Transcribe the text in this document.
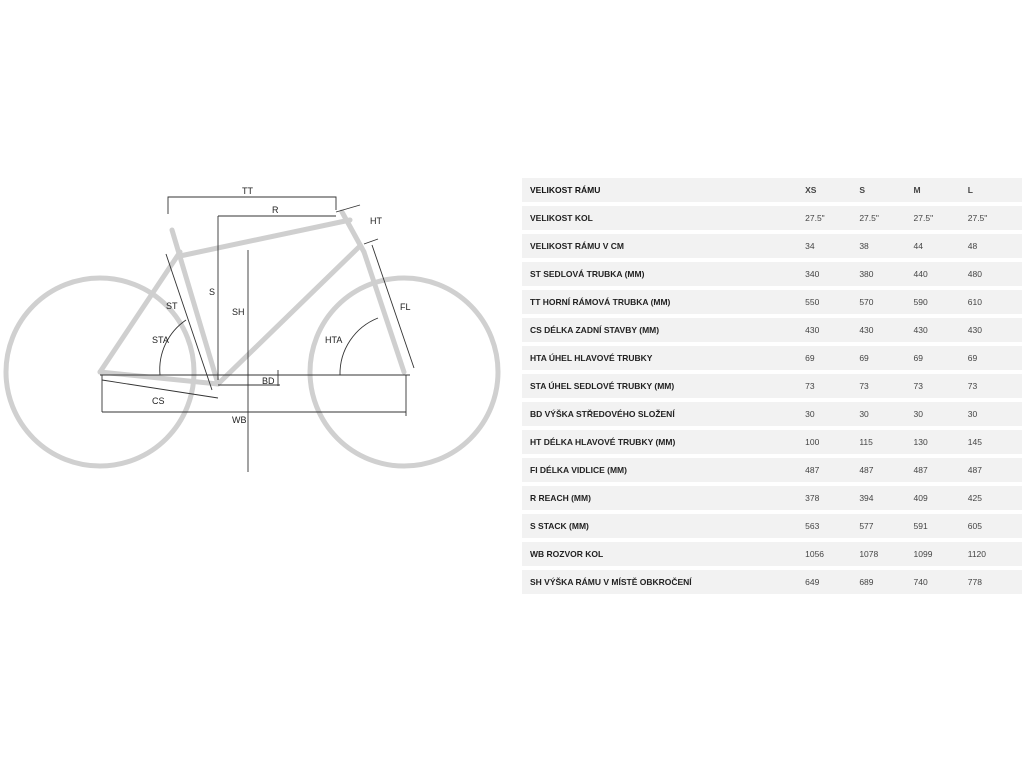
TT
R
HT
ST
S
SH	FL
STA	HTA
BD
CS
WB
VELIKOST RÁMU	XS	S	M	L
VELIKOST KOL	27.5"	27.5"	27.5"	27.5"
VELIKOST RÁMU V CM	34	38	44	48
ST SEDLOVÁ TRUBKA (MM)	340	380	440	480
TT HORNÍ RÁMOVÁ TRUBKA (MM)	550	570	590	610
CS DÉLKA ZADNÍ STAVBY (MM)	430	430	430	430
HTA ÚHEL HLAVOVÉ TRUBKY	69	69	69	69
STA ÚHEL SEDLOVÉ TRUBKY (MM)	73	73	73	73
BD VÝŠKA STŘEDOVÉHO SLOŽENÍ	30	30	30	30
HT DÉLKA HLAVOVÉ TRUBKY (MM)	100	115	130	145
FI DÉLKA VIDLICE (MM)	487	487	487	487
R REACH (MM)	378	394	409	425
S STACK (MM)	563	577	591	605
WB ROZVOR KOL	1056	1078	1099	1120
SH VÝŠKA RÁMU V MÍSTĚ OBKROČENÍ	649	689	740	778
